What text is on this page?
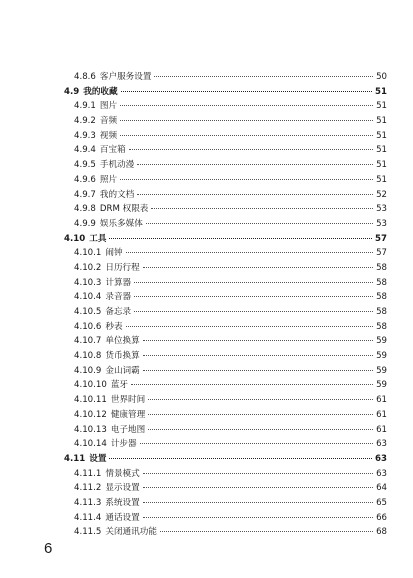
4.8.6 客户服务设置	50
4.9 我的收藏	51
4.9.1 图片	51
4.9.2 音频	51
4.9.3 视频	51
4.9.4 百宝箱	51
4.9.5 手机动漫	51
4.9.6 照片	51
4.9.7 我的文档	52
4.9.8 DRM 权限表	53
4.9.9 娱乐多媒体	53
4.10 工具	57
4.10.1 闹钟	57
4.10.2 日历行程	58
4.10.3 计算器	58
4.10.4 录音器	58
4.10.5 备忘录	58
4.10.6 秒表	58
4.10.7 单位换算	59
4.10.8 货币换算	59
4.10.9 金山词霸	59
4.10.10 蓝牙	59
4.10.11 世界时间	61
4.10.12 健康管理	61
4.10.13 电子地图	61
4.10.14 计步器	63
4.11 设置	63
4.11.1 情景模式	63
4.11.2 显示设置	64
4.11.3 系统设置	65
4.11.4 通话设置	66
4.11.5 关闭通讯功能	68
6
